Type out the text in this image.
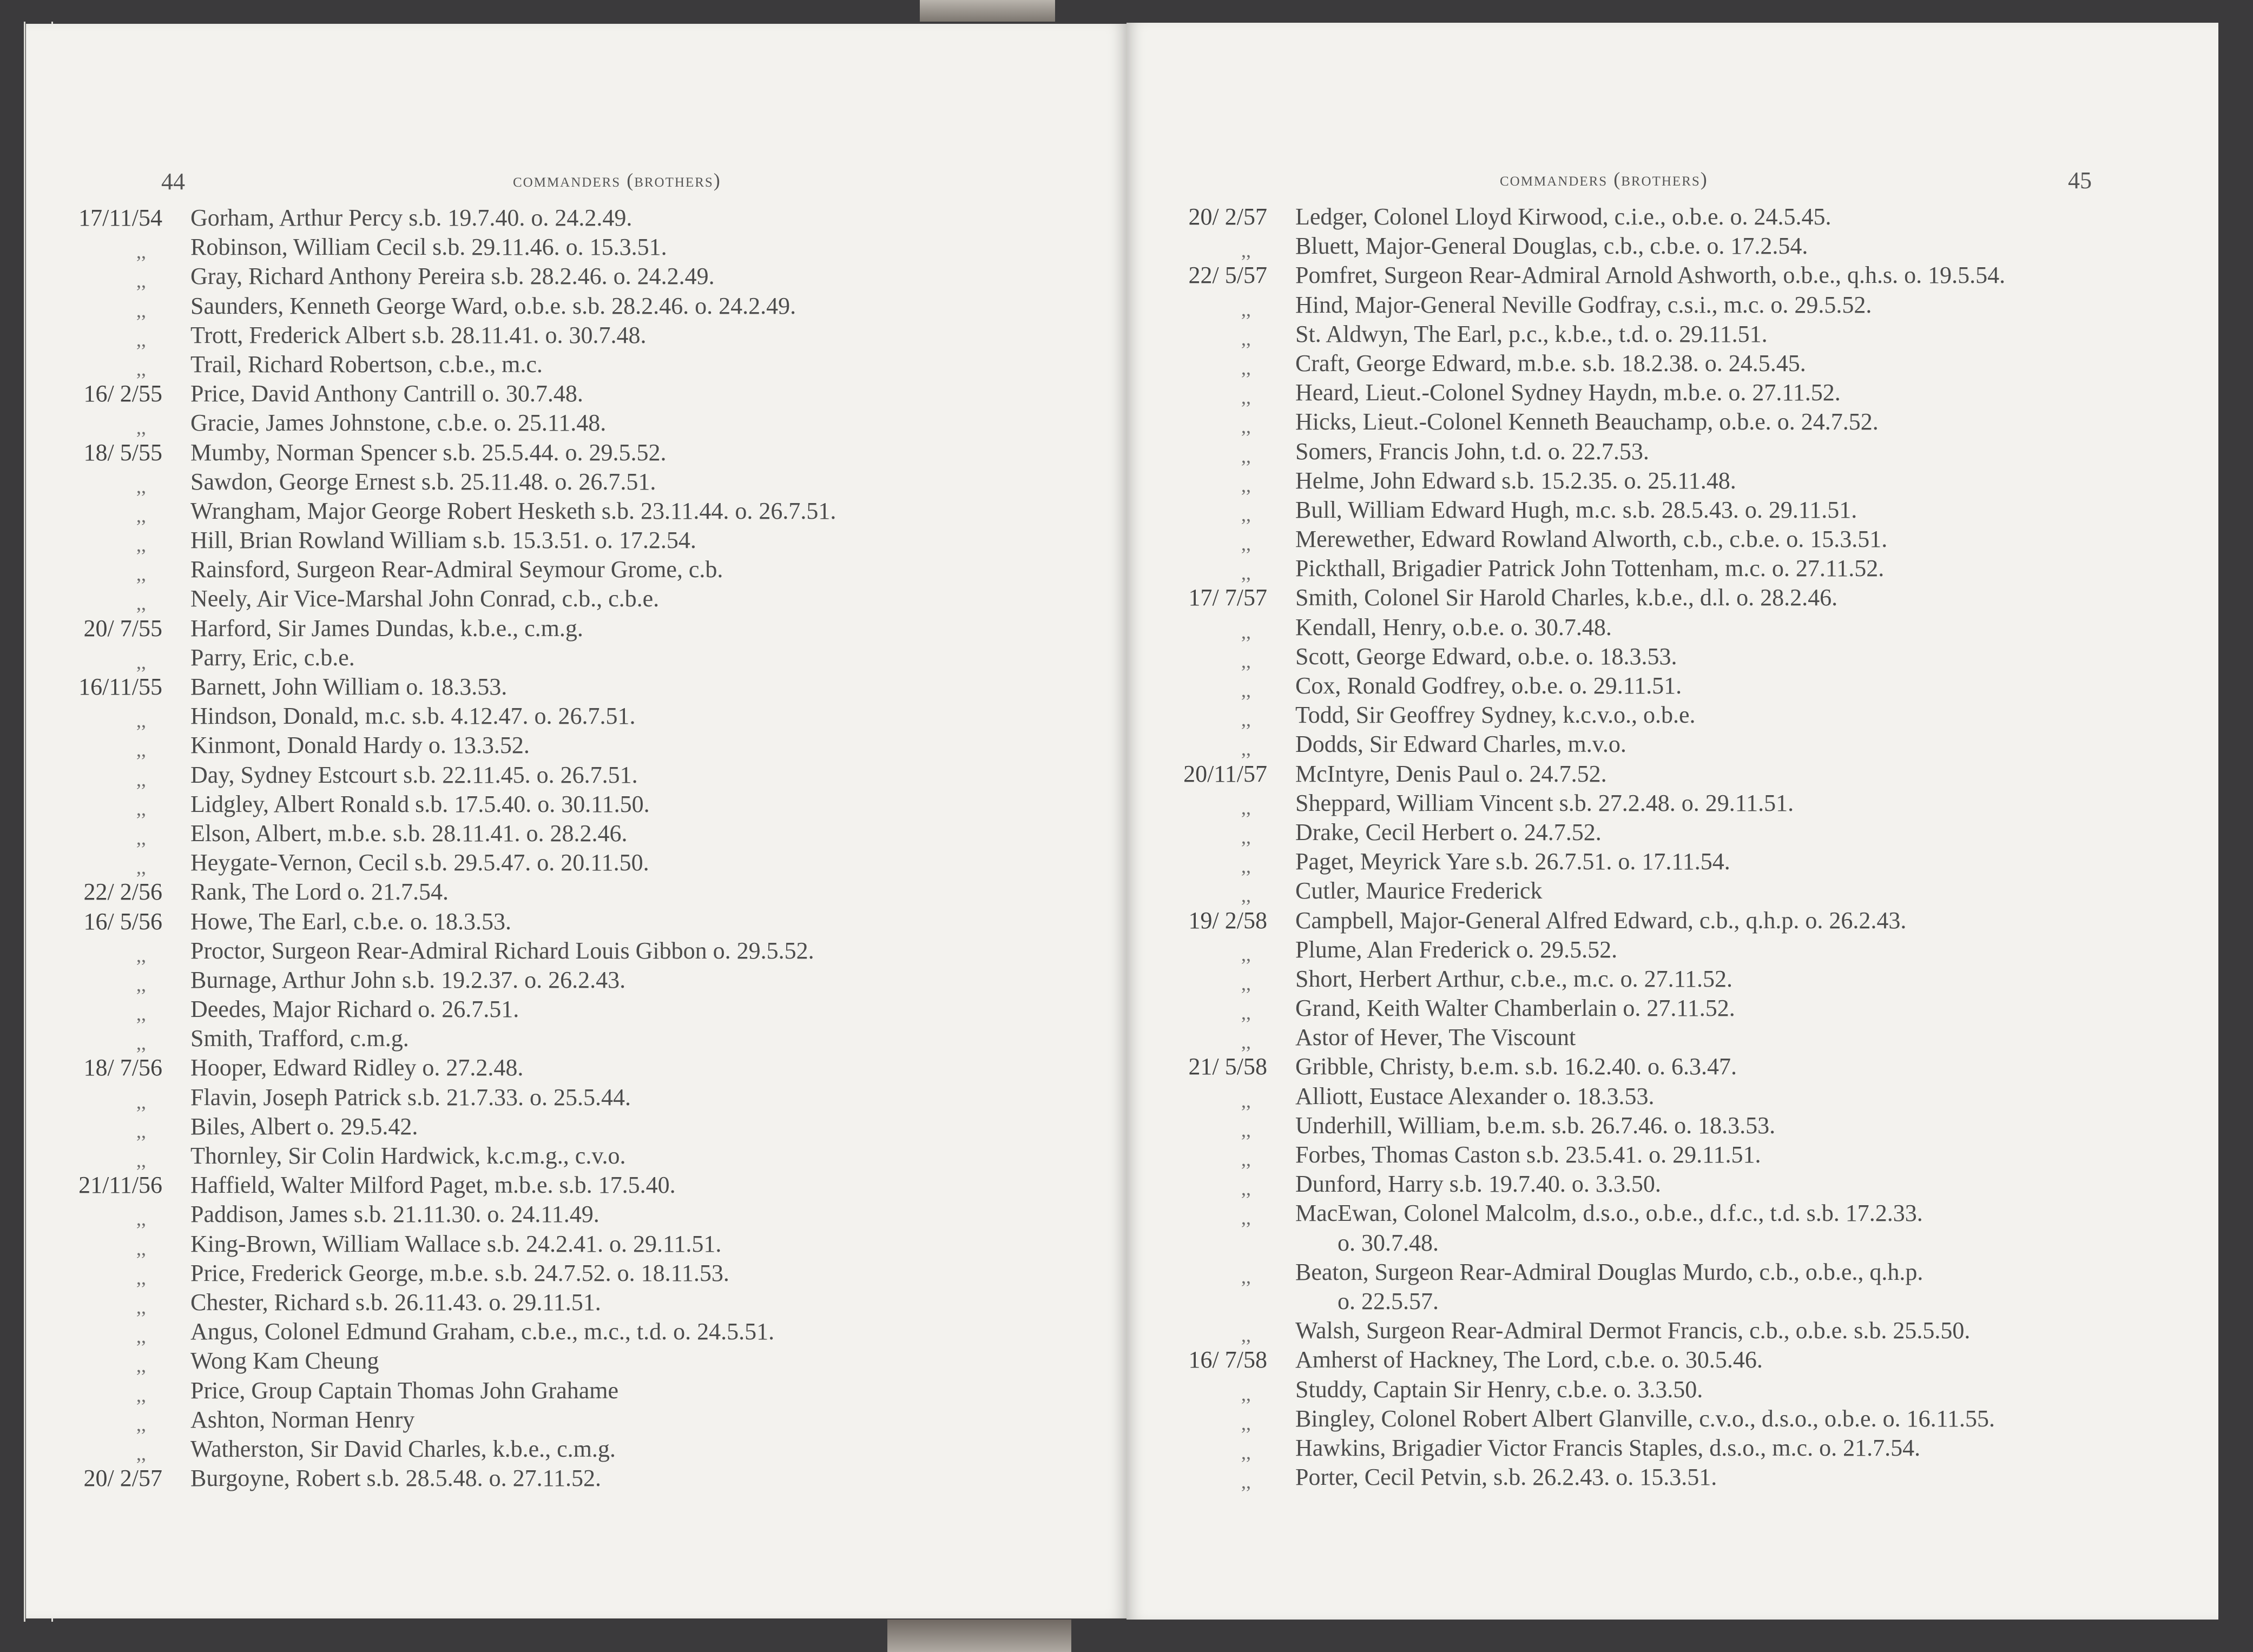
44	commanders (brothers)
17/11/54 Gorham, Arthur Percy s.b. 19.7.40. o. 24.2.49.
,, Robinson, William Cecil s.b. 29.11.46. o. 15.3.51.
,, Gray, Richard Anthony Pereira s.b. 28.2.46. o. 24.2.49.
,, Saunders, Kenneth George Ward, o.b.e. s.b. 28.2.46. o. 24.2.49.
,, Trott, Frederick Albert s.b. 28.11.41. o. 30.7.48.
,, Trail, Richard Robertson, c.b.e., m.c.
16/ 2/55 Price, David Anthony Cantrill o. 30.7.48.
,, Gracie, James Johnstone, c.b.e. o. 25.11.48.
18/ 5/55 Mumby, Norman Spencer s.b. 25.5.44. o. 29.5.52.
,, Sawdon, George Ernest s.b. 25.11.48. o. 26.7.51.
,, Wrangham, Major George Robert Hesketh s.b. 23.11.44. o. 26.7.51.
,, Hill, Brian Rowland William s.b. 15.3.51. o. 17.2.54.
,, Rainsford, Surgeon Rear-Admiral Seymour Grome, c.b.
,, Neely, Air Vice-Marshal John Conrad, c.b., c.b.e.
20/ 7/55 Harford, Sir James Dundas, k.b.e., c.m.g.
,, Parry, Eric, c.b.e.
16/11/55 Barnett, John William o. 18.3.53.
,, Hindson, Donald, m.c. s.b. 4.12.47. o. 26.7.51.
,, Kinmont, Donald Hardy o. 13.3.52.
,, Day, Sydney Estcourt s.b. 22.11.45. o. 26.7.51.
,, Lidgley, Albert Ronald s.b. 17.5.40. o. 30.11.50.
,, Elson, Albert, m.b.e. s.b. 28.11.41. o. 28.2.46.
,, Heygate-Vernon, Cecil s.b. 29.5.47. o. 20.11.50.
22/ 2/56 Rank, The Lord o. 21.7.54.
16/ 5/56 Howe, The Earl, c.b.e. o. 18.3.53.
,, Proctor, Surgeon Rear-Admiral Richard Louis Gibbon o. 29.5.52.
,, Burnage, Arthur John s.b. 19.2.37. o. 26.2.43.
,, Deedes, Major Richard o. 26.7.51.
,, Smith, Trafford, c.m.g.
18/ 7/56 Hooper, Edward Ridley o. 27.2.48.
,, Flavin, Joseph Patrick s.b. 21.7.33. o. 25.5.44.
,, Biles, Albert o. 29.5.42.
,, Thornley, Sir Colin Hardwick, k.c.m.g., c.v.o.
21/11/56 Haffield, Walter Milford Paget, m.b.e. s.b. 17.5.40.
,, Paddison, James s.b. 21.11.30. o. 24.11.49.
,, King-Brown, William Wallace s.b. 24.2.41. o. 29.11.51.
,, Price, Frederick George, m.b.e. s.b. 24.7.52. o. 18.11.53.
,, Chester, Richard s.b. 26.11.43. o. 29.11.51.
,, Angus, Colonel Edmund Graham, c.b.e., m.c., t.d. o. 24.5.51.
,, Wong Kam Cheung
,, Price, Group Captain Thomas John Grahame
,, Ashton, Norman Henry
,, Watherston, Sir David Charles, k.b.e., c.m.g.
20/ 2/57 Burgoyne, Robert s.b. 28.5.48. o. 27.11.52.
commanders (brothers)	45
20/ 2/57 Ledger, Colonel Lloyd Kirwood, c.i.e., o.b.e. o. 24.5.45.
,, Bluett, Major-General Douglas, c.b., c.b.e. o. 17.2.54.
22/ 5/57 Pomfret, Surgeon Rear-Admiral Arnold Ashworth, o.b.e., q.h.s. o. 19.5.54.
,, Hind, Major-General Neville Godfray, c.s.i., m.c. o. 29.5.52.
,, St. Aldwyn, The Earl, p.c., k.b.e., t.d. o. 29.11.51.
,, Craft, George Edward, m.b.e. s.b. 18.2.38. o. 24.5.45.
,, Heard, Lieut.-Colonel Sydney Haydn, m.b.e. o. 27.11.52.
,, Hicks, Lieut.-Colonel Kenneth Beauchamp, o.b.e. o. 24.7.52.
,, Somers, Francis John, t.d. o. 22.7.53.
,, Helme, John Edward s.b. 15.2.35. o. 25.11.48.
,, Bull, William Edward Hugh, m.c. s.b. 28.5.43. o. 29.11.51.
,, Merewether, Edward Rowland Alworth, c.b., c.b.e. o. 15.3.51.
,, Pickthall, Brigadier Patrick John Tottenham, m.c. o. 27.11.52.
17/ 7/57 Smith, Colonel Sir Harold Charles, k.b.e., d.l. o. 28.2.46.
,, Kendall, Henry, o.b.e. o. 30.7.48.
,, Scott, George Edward, o.b.e. o. 18.3.53.
,, Cox, Ronald Godfrey, o.b.e. o. 29.11.51.
,, Todd, Sir Geoffrey Sydney, k.c.v.o., o.b.e.
,, Dodds, Sir Edward Charles, m.v.o.
20/11/57 McIntyre, Denis Paul o. 24.7.52.
,, Sheppard, William Vincent s.b. 27.2.48. o. 29.11.51.
,, Drake, Cecil Herbert o. 24.7.52.
,, Paget, Meyrick Yare s.b. 26.7.51. o. 17.11.54.
,, Cutler, Maurice Frederick
19/ 2/58 Campbell, Major-General Alfred Edward, c.b., q.h.p. o. 26.2.43.
,, Plume, Alan Frederick o. 29.5.52.
,, Short, Herbert Arthur, c.b.e., m.c. o. 27.11.52.
,, Grand, Keith Walter Chamberlain o. 27.11.52.
,, Astor of Hever, The Viscount
21/ 5/58 Gribble, Christy, b.e.m. s.b. 16.2.40. o. 6.3.47.
,, Alliott, Eustace Alexander o. 18.3.53.
,, Underhill, William, b.e.m. s.b. 26.7.46. o. 18.3.53.
,, Forbes, Thomas Caston s.b. 23.5.41. o. 29.11.51.
,, Dunford, Harry s.b. 19.7.40. o. 3.3.50.
,, MacEwan, Colonel Malcolm, d.s.o., o.b.e., d.f.c., t.d. s.b. 17.2.33.
o. 30.7.48.
,, Beaton, Surgeon Rear-Admiral Douglas Murdo, c.b., o.b.e., q.h.p.
o. 22.5.57.
,, Walsh, Surgeon Rear-Admiral Dermot Francis, c.b., o.b.e. s.b. 25.5.50.
16/ 7/58 Amherst of Hackney, The Lord, c.b.e. o. 30.5.46.
,, Studdy, Captain Sir Henry, c.b.e. o. 3.3.50.
,, Bingley, Colonel Robert Albert Glanville, c.v.o., d.s.o., o.b.e. o. 16.11.55.
,, Hawkins, Brigadier Victor Francis Staples, d.s.o., m.c. o. 21.7.54.
,, Porter, Cecil Petvin, s.b. 26.2.43. o. 15.3.51.
